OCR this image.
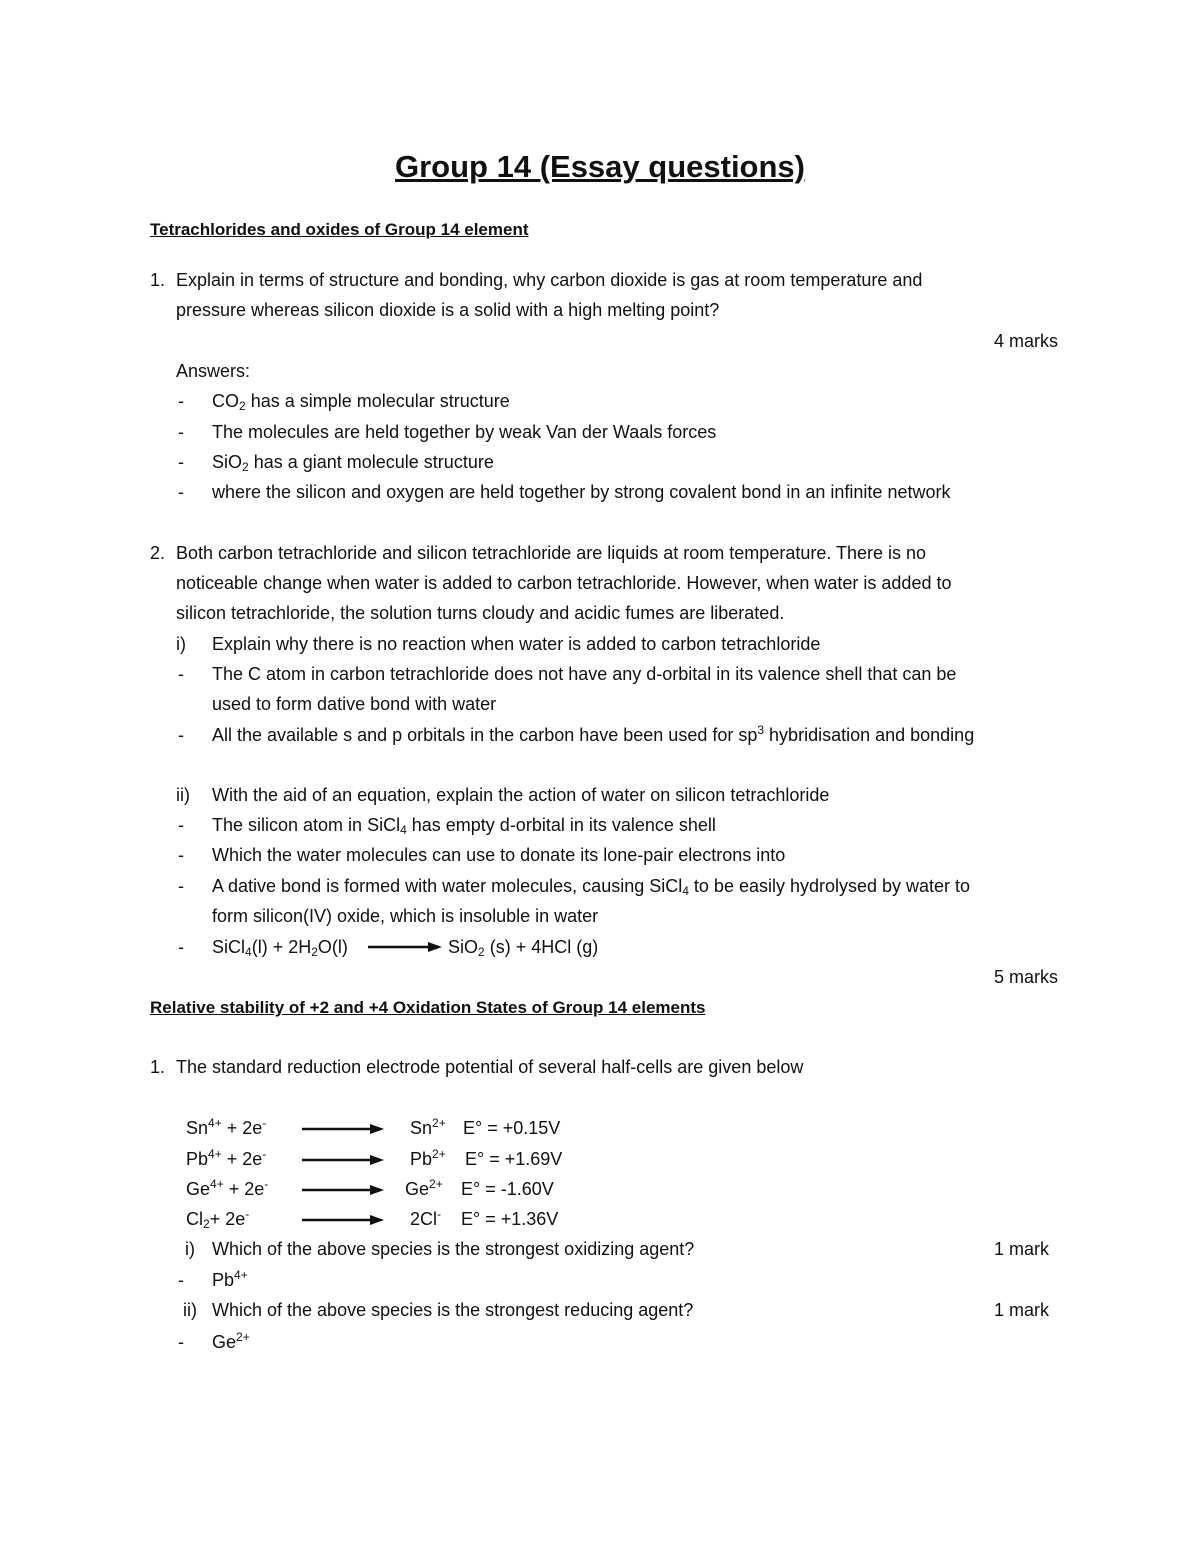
Group 14 (Essay questions)
Tetrachlorides and oxides of Group 14 element
1. Explain in terms of structure and bonding, why carbon dioxide is gas at room temperature and
pressure whereas silicon dioxide is a solid with a high melting point?
4 marks
Answers:
- $CO_2$ has a simple molecular structure
- The molecules are held together by weak Van der Waals forces
- SiO$_2$ has a giant molecule structure
- where the silicon and oxygen are held together by strong covalent bond in an infinite network
2. Both carbon tetrachloride and silicon tetrachloride are liquids at room temperature. There is no
noticeable change when water is added to carbon tetrachloride. However, when water is added to
silicon tetrachloride, the solution turns cloudy and acidic fumes are liberated.
i) Explain why there is no reaction when water is added to carbon tetrachloride
- The C atom in carbon tetrachloride does not have any d-orbital in its valence shell that can be
used to form dative bond with water
- All the available s and p orbitals in the carbon have been used for $sp^3$ hybridisation and bonding
ii) With the aid of an equation, explain the action of water on silicon tetrachloride
- The silicon atom in SiCl$_4$ has empty d-orbital in its valence shell
- Which the water molecules can use to donate its lone-pair electrons into
- A dative bond is formed with water molecules, causing SiCl$_4$ to be easily hydrolysed by water to
form silicon(IV) oxide, which is insoluble in water
- SiCl$_4$(l) + $2H_2O(l)$	SiO$_2$ (s) + 4HCl (g)
5 marks
Relative stability of +2 and +4 Oxidation States of Group 14 elements
1. The standard reduction electrode potential of several half-cells are given below
$Sn^{4+} + 2e^-$	$Sn^{2+}$ E° = +0.15V
$Pb^{4+} + 2e^-$	$Pb^{2+}$ E° = +1.69V
$Ge^{4+} + 2e^-$	$Ge^{2+}$ E° = -1.60V
$Cl_2+ 2e^-$	2Cl- E° = +1.36V
i) Which of the above species is the strongest oxidizing agent?	1 mark
- $Pb^{4+}$
ii) Which of the above species is the strongest reducing agent?	1 mark
- $Ge^{2+}$
